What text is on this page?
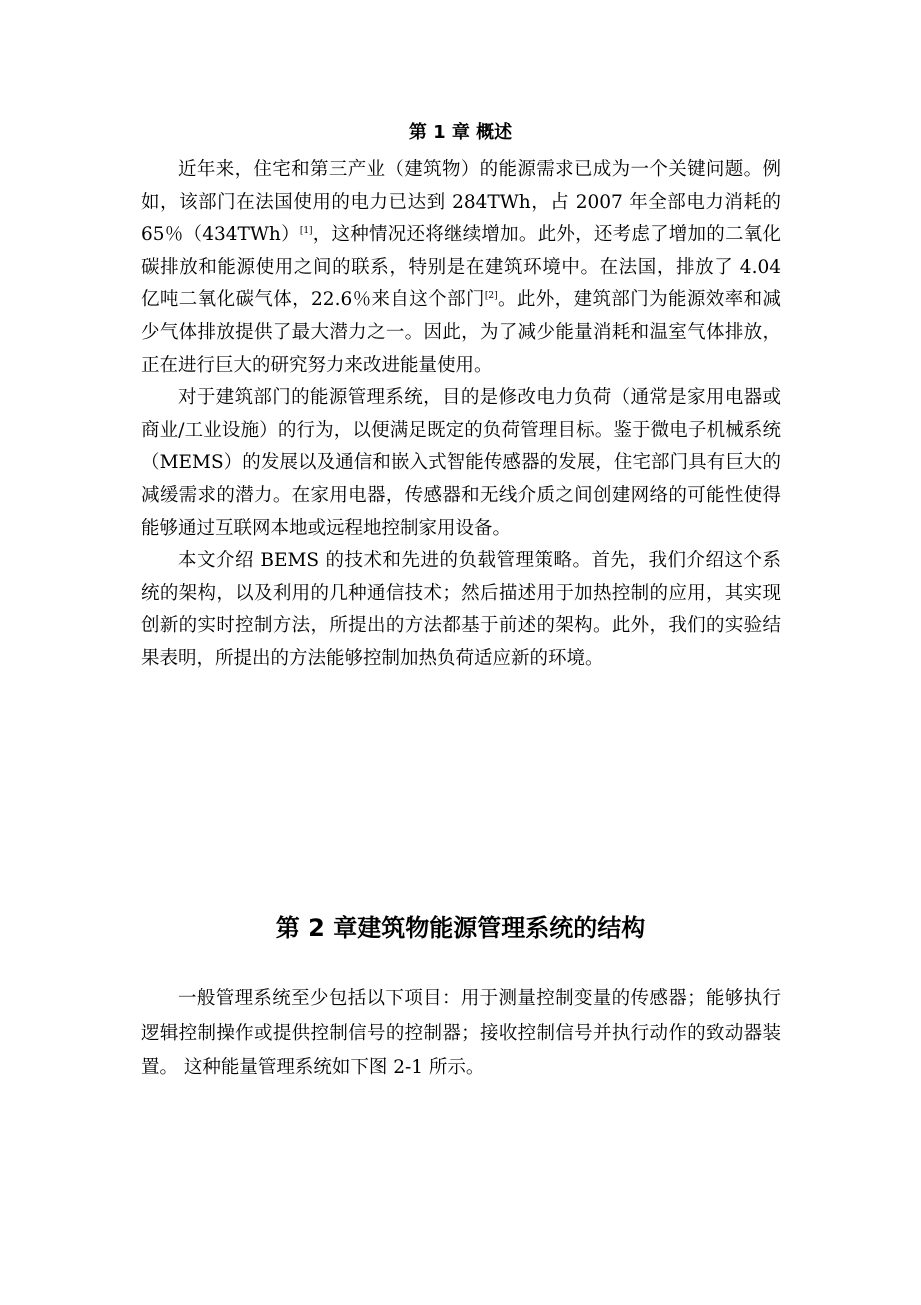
第 1 章 概述

近年来，住宅和第三产业（建筑物）的能源需求已成为一个关键问题。例如，该部门在法国使用的电力已达到 284TWh，占 2007 年全部电力消耗的 65％（434TWh）[1]，这种情况还将继续增加。此外，还考虑了增加的二氧化碳排放和能源使用之间的联系，特别是在建筑环境中。在法国，排放了 4.04 亿吨二氧化碳气体，22.6％来自这个部门[2]。此外，建筑部门为能源效率和减少气体排放提供了最大潜力之一。因此，为了减少能量消耗和温室气体排放，正在进行巨大的研究努力来改进能量使用。

对于建筑部门的能源管理系统，目的是修改电力负荷（通常是家用电器或商业/工业设施）的行为，以便满足既定的负荷管理目标。鉴于微电子机械系统（MEMS）的发展以及通信和嵌入式智能传感器的发展，住宅部门具有巨大的减缓需求的潜力。在家用电器，传感器和无线介质之间创建网络的可能性使得能够通过互联网本地或远程地控制家用设备。

本文介绍 BEMS 的技术和先进的负载管理策略。首先，我们介绍这个系统的架构，以及利用的几种通信技术；然后描述用于加热控制的应用，其实现创新的实时控制方法，所提出的方法都基于前述的架构。此外，我们的实验结果表明，所提出的方法能够控制加热负荷适应新的环境。

第 2 章建筑物能源管理系统的结构

一般管理系统至少包括以下项目：用于测量控制变量的传感器；能够执行逻辑控制操作或提供控制信号的控制器；接收控制信号并执行动作的致动器装置。 这种能量管理系统如下图 2-1 所示。
